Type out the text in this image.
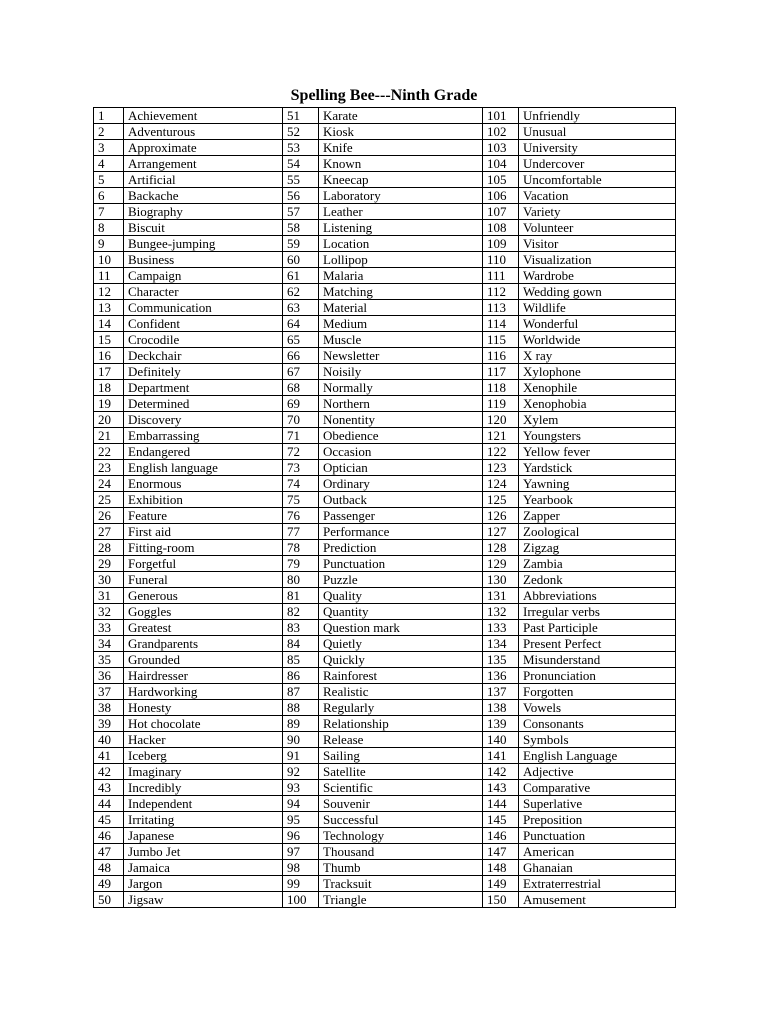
Spelling Bee---Ninth Grade
1	Achievement	51	Karate	101	Unfriendly
2	Adventurous	52	Kiosk	102	Unusual
3	Approximate	53	Knife	103	University
4	Arrangement	54	Known	104	Undercover
5	Artificial	55	Kneecap	105	Uncomfortable
6	Backache	56	Laboratory	106	Vacation
7	Biography	57	Leather	107	Variety
8	Biscuit	58	Listening	108	Volunteer
9	Bungee-jumping	59	Location	109	Visitor
10	Business	60	Lollipop	110	Visualization
11	Campaign	61	Malaria	111	Wardrobe
12	Character	62	Matching	112	Wedding gown
13	Communication	63	Material	113	Wildlife
14	Confident	64	Medium	114	Wonderful
15	Crocodile	65	Muscle	115	Worldwide
16	Deckchair	66	Newsletter	116	X ray
17	Definitely	67	Noisily	117	Xylophone
18	Department	68	Normally	118	Xenophile
19	Determined	69	Northern	119	Xenophobia
20	Discovery	70	Nonentity	120	Xylem
21	Embarrassing	71	Obedience	121	Youngsters
22	Endangered	72	Occasion	122	Yellow fever
23	English language	73	Optician	123	Yardstick
24	Enormous	74	Ordinary	124	Yawning
25	Exhibition	75	Outback	125	Yearbook
26	Feature	76	Passenger	126	Zapper
27	First aid	77	Performance	127	Zoological
28	Fitting-room	78	Prediction	128	Zigzag
29	Forgetful	79	Punctuation	129	Zambia
30	Funeral	80	Puzzle	130	Zedonk
31	Generous	81	Quality	131	Abbreviations
32	Goggles	82	Quantity	132	Irregular verbs
33	Greatest	83	Question mark	133	Past Participle
34	Grandparents	84	Quietly	134	Present Perfect
35	Grounded	85	Quickly	135	Misunderstand
36	Hairdresser	86	Rainforest	136	Pronunciation
37	Hardworking	87	Realistic	137	Forgotten
38	Honesty	88	Regularly	138	Vowels
39	Hot chocolate	89	Relationship	139	Consonants
40	Hacker	90	Release	140	Symbols
41	Iceberg	91	Sailing	141	English Language
42	Imaginary	92	Satellite	142	Adjective
43	Incredibly	93	Scientific	143	Comparative
44	Independent	94	Souvenir	144	Superlative
45	Irritating	95	Successful	145	Preposition
46	Japanese	96	Technology	146	Punctuation
47	Jumbo Jet	97	Thousand	147	American
48	Jamaica	98	Thumb	148	Ghanaian
49	Jargon	99	Tracksuit	149	Extraterrestrial
50	Jigsaw	100	Triangle	150	Amusement
